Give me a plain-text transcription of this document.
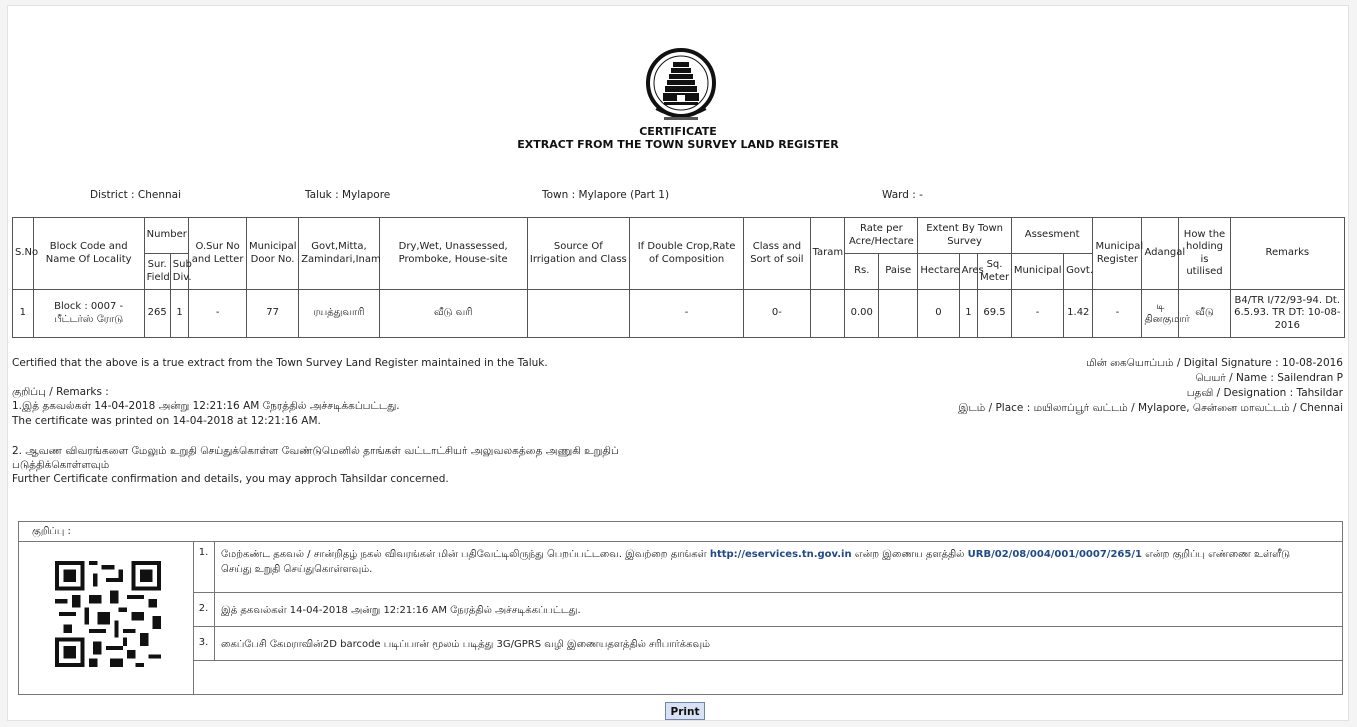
CERTIFICATE
EXTRACT FROM THE TOWN SURVEY LAND REGISTER
District : Chennai	Taluk : Mylapore	Town : Mylapore (Part 1)	Ward : -
S.No	Block Code and Name Of Locality	Number		O.Sur No and Letter	Municipal Door No.	Govt,Mitta, Zamindari,Inam	Dry,Wet, Unassessed, Promboke, House-site	Source Of Irrigation and Class	If Double Crop,Rate of Composition	Class and Sort of soil	Taram	Rate per Acre/Hectare		Extent By Town Survey			Assesment		Municipal Register	Adangal	How the holding is utilised	Remarks
		Sur. Field	Sub Div.									Rs.	Paise	Hectare	Ares	Sq. Meter	Municipal	Govt.				
1	Block : 0007 - பீட்டர்ஸ் ரோடு	265	1	-	77	ரயத்துவாரி	வீடு வரி		-	0-		0.00		0	1	69.5	-	1.42	-	டி தினகுமார்	வீடு	B4/TR I/72/93-94. Dt. 6.5.93. TR DT: 10-08-2016
Certified that the above is a true extract from the Town Survey Land Register maintained in the Taluk.
குறிப்பு / Remarks :
1.இத் தகவல்கள் 14-04-2018 அன்று 12:21:16 AM நேரத்தில் அச்சடிக்கப்பட்டது.
The certificate was printed on 14-04-2018 at 12:21:16 AM.
2. ஆவண விவரங்களை மேலும் உறுதி செய்துக்கொள்ள வேண்டுமெனில் தாங்கள் வட்டாட்சியர் அலுவலகத்தை அணுகி உறுதிப்
படுத்திக்கொள்ளவும்
Further Certificate confirmation and details, you may approch Tahsildar concerned.
மின் கையொப்பம் / Digital Signature : 10-08-2016
பெயர் / Name : Sailendran P
பதவி / Designation : Tahsildar
இடம் / Place : மயிலாப்பூர் வட்டம் / Mylapore, சென்னை மாவட்டம் / Chennai
குறிப்பு :
1.	மேற்கண்ட தகவல் / சான்றிதழ் நகல் விவரங்கள் மின் பதிவேட்டிலிருந்து பெறப்பட்டவை. இவற்றை தாங்கள் http://eservices.tn.gov.in என்ற இணைய தளத்தில் URB/02/08/004/001/0007/265/1 என்ற குறிப்பு எண்ணை உள்ளீடு
செய்து உறுதி செய்துகொள்ளவும்.
2.	இத் தகவல்கள் 14-04-2018 அன்று 12:21:16 AM நேரத்தில் அச்சடிக்கப்பட்டது.
3.	கைப்பேசி கேமராவின்2D barcode படிப்பான் மூலம் படித்து 3G/GPRS வழி இணையதளத்தில் சரிபார்க்கவும்
Print
